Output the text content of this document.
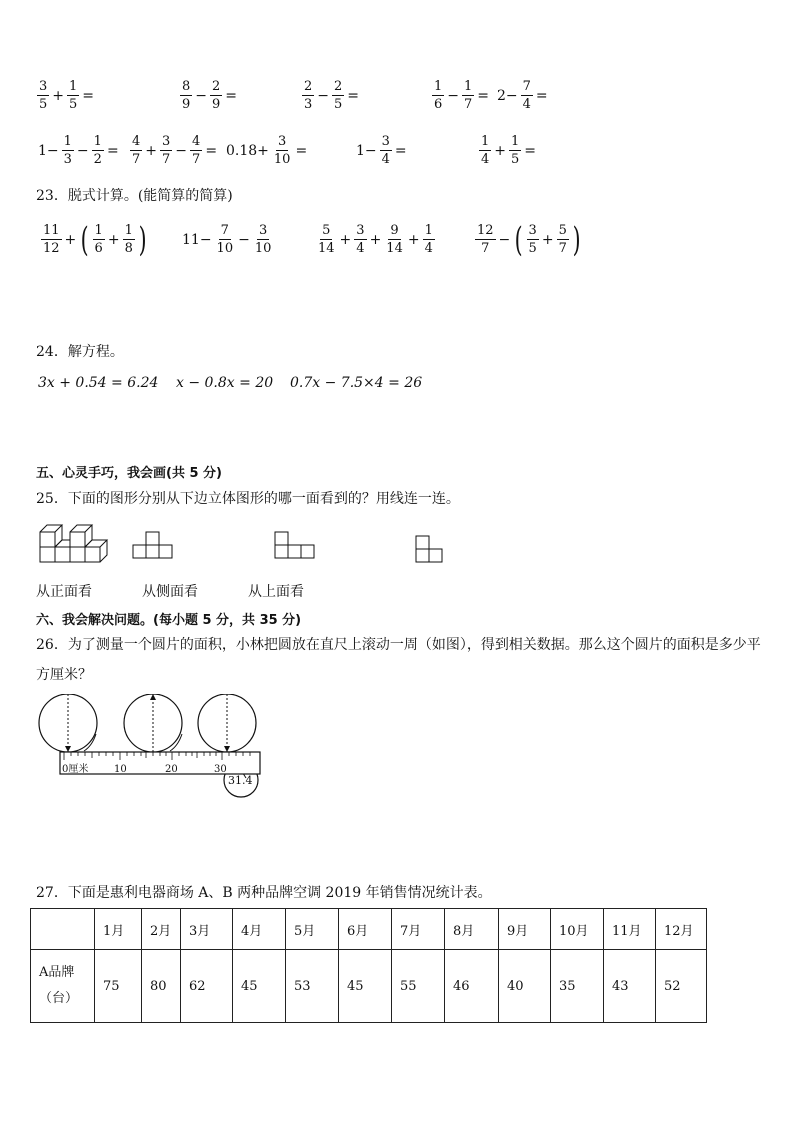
$\frac{3}{5} + \frac{1}{5}$ =	$\frac{8}{9} - \frac{2}{9}$ =	$\frac{2}{3} - \frac{2}{5}$ =	$\frac{1}{6} - \frac{1}{7} = 2- \frac{7}{4}$ =
$1- \frac{1}{3} - \frac{1}{2} = \frac{4}{7} + \frac{3}{7} - \frac{4}{7} = 0.18+ \frac{3}{10}$ =	$1- \frac{3}{4}$ =	$\frac{1}{4} + \frac{1}{5}$ =
23．脱式计算。(能简算的简算)
$\frac{11}{12}$ + ( $\frac{1}{6} + \frac{1}{8}$ )	$11- \frac{7}{10} - \frac{3}{10}$	$\frac{5}{14} + \frac{3}{4} + \frac{9}{14} + \frac{1}{4}$	$\frac{12}{7}$ − ( $\frac{3}{5} + \frac{5}{7}$ )
24．解方程。
3x + 0.54 = 6.24 x − 0.8x = 20 0.7x − 7.5×4 = 26
五、心灵手巧，我会画(共 5 分)
25．下面的图形分别从下边立体图形的哪一面看到的？用线连一连。
从正面看	从侧面看	从上面看
六、我会解决问题。(每小题 5 分，共 35 分)
26．为了测量一个圆片的面积，小林把圆放在直尺上滚动一周（如图），得到相关数据。那么这个圆片的面积是多少平
方厘米？
0厘米	10	20	30
31.4
27．下面是惠利电器商场 A、B 两种品牌空调 2019 年销售情况统计表。
	1月	2月	3月	4月	5月	6月	7月	8月	9月	10月	11月	12月

A品牌
（台）	75	80	62	45	53	45	55	46	40	35	43	52
